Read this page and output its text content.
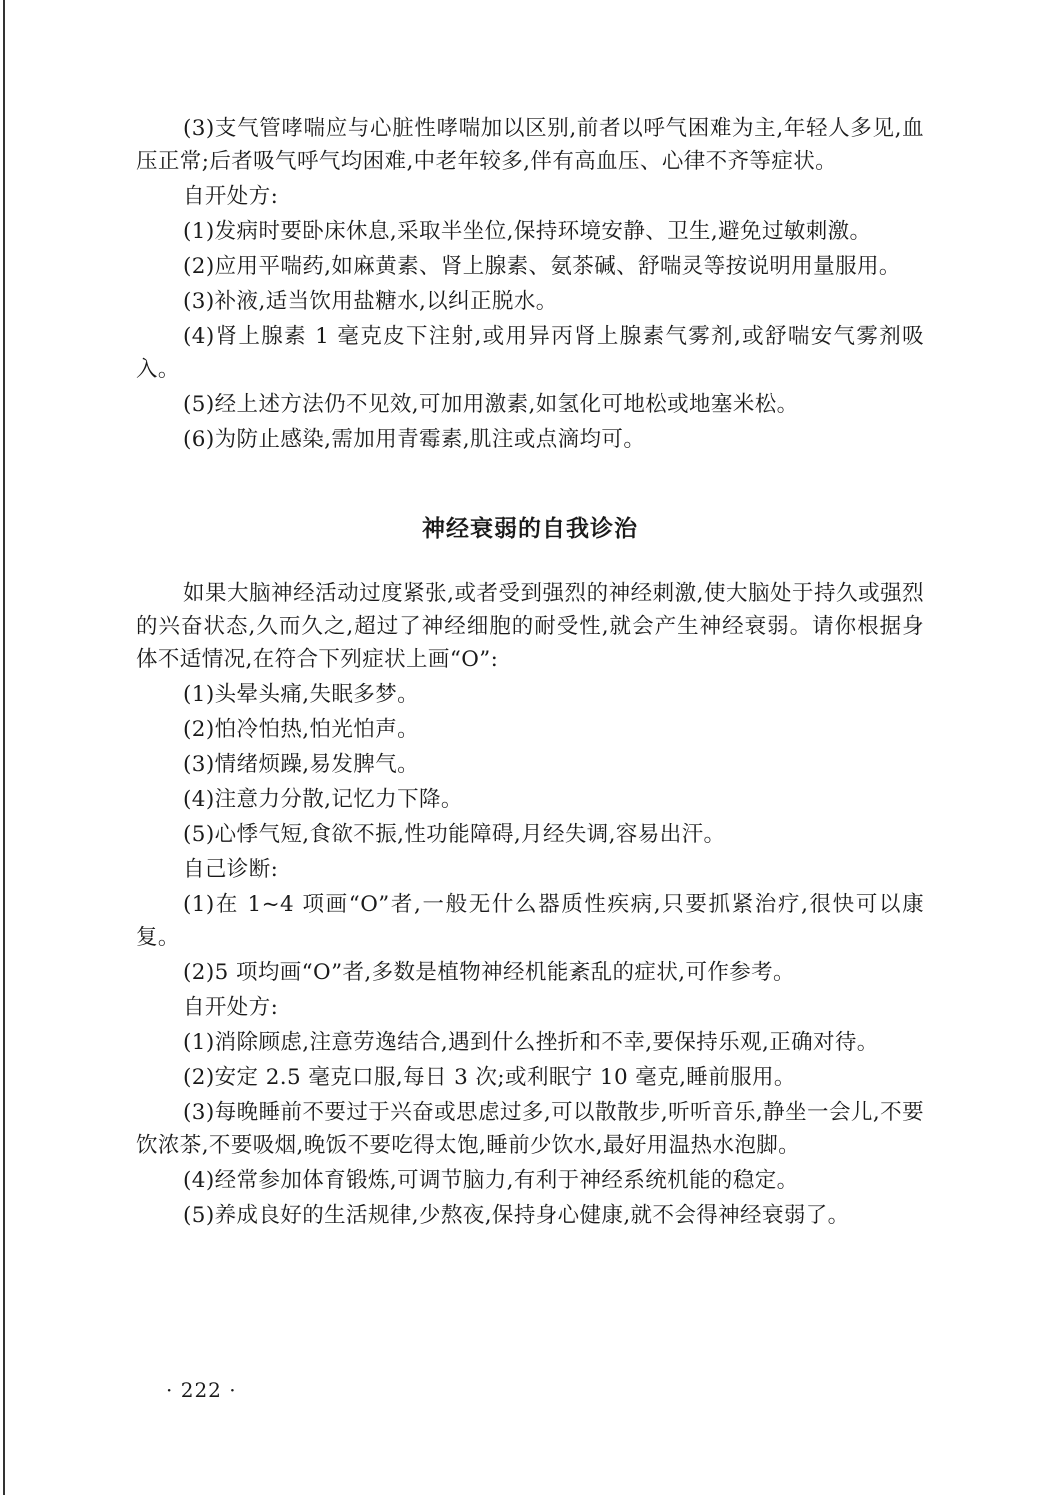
(3)支气管哮喘应与心脏性哮喘加以区别,前者以呼气困难为主,年轻人多见,血压正常;后者吸气呼气均困难,中老年较多,伴有高血压、心律不齐等症状。

自开处方:

(1)发病时要卧床休息,采取半坐位,保持环境安静、卫生,避免过敏刺激。

(2)应用平喘药,如麻黄素、肾上腺素、氨茶碱、舒喘灵等按说明用量服用。

(3)补液,适当饮用盐糖水,以纠正脱水。

(4)肾上腺素 1 毫克皮下注射,或用异丙肾上腺素气雾剂,或舒喘安气雾剂吸入。

(5)经上述方法仍不见效,可加用激素,如氢化可地松或地塞米松。

(6)为防止感染,需加用青霉素,肌注或点滴均可。

神经衰弱的自我诊治

如果大脑神经活动过度紧张,或者受到强烈的神经刺激,使大脑处于持久或强烈的兴奋状态,久而久之,超过了神经细胞的耐受性,就会产生神经衰弱。请你根据身体不适情况,在符合下列症状上画“O”:

(1)头晕头痛,失眠多梦。

(2)怕冷怕热,怕光怕声。

(3)情绪烦躁,易发脾气。

(4)注意力分散,记忆力下降。

(5)心悸气短,食欲不振,性功能障碍,月经失调,容易出汗。

自己诊断:

(1)在 1~4 项画“O”者,一般无什么器质性疾病,只要抓紧治疗,很快可以康复。

(2)5 项均画“O”者,多数是植物神经机能紊乱的症状,可作参考。

自开处方:

(1)消除顾虑,注意劳逸结合,遇到什么挫折和不幸,要保持乐观,正确对待。

(2)安定 2.5 毫克口服,每日 3 次;或利眠宁 10 毫克,睡前服用。

(3)每晚睡前不要过于兴奋或思虑过多,可以散散步,听听音乐,静坐一会儿,不要饮浓茶,不要吸烟,晚饭不要吃得太饱,睡前少饮水,最好用温热水泡脚。

(4)经常参加体育锻炼,可调节脑力,有利于神经系统机能的稳定。

(5)养成良好的生活规律,少熬夜,保持身心健康,就不会得神经衰弱了。

· 222 ·
